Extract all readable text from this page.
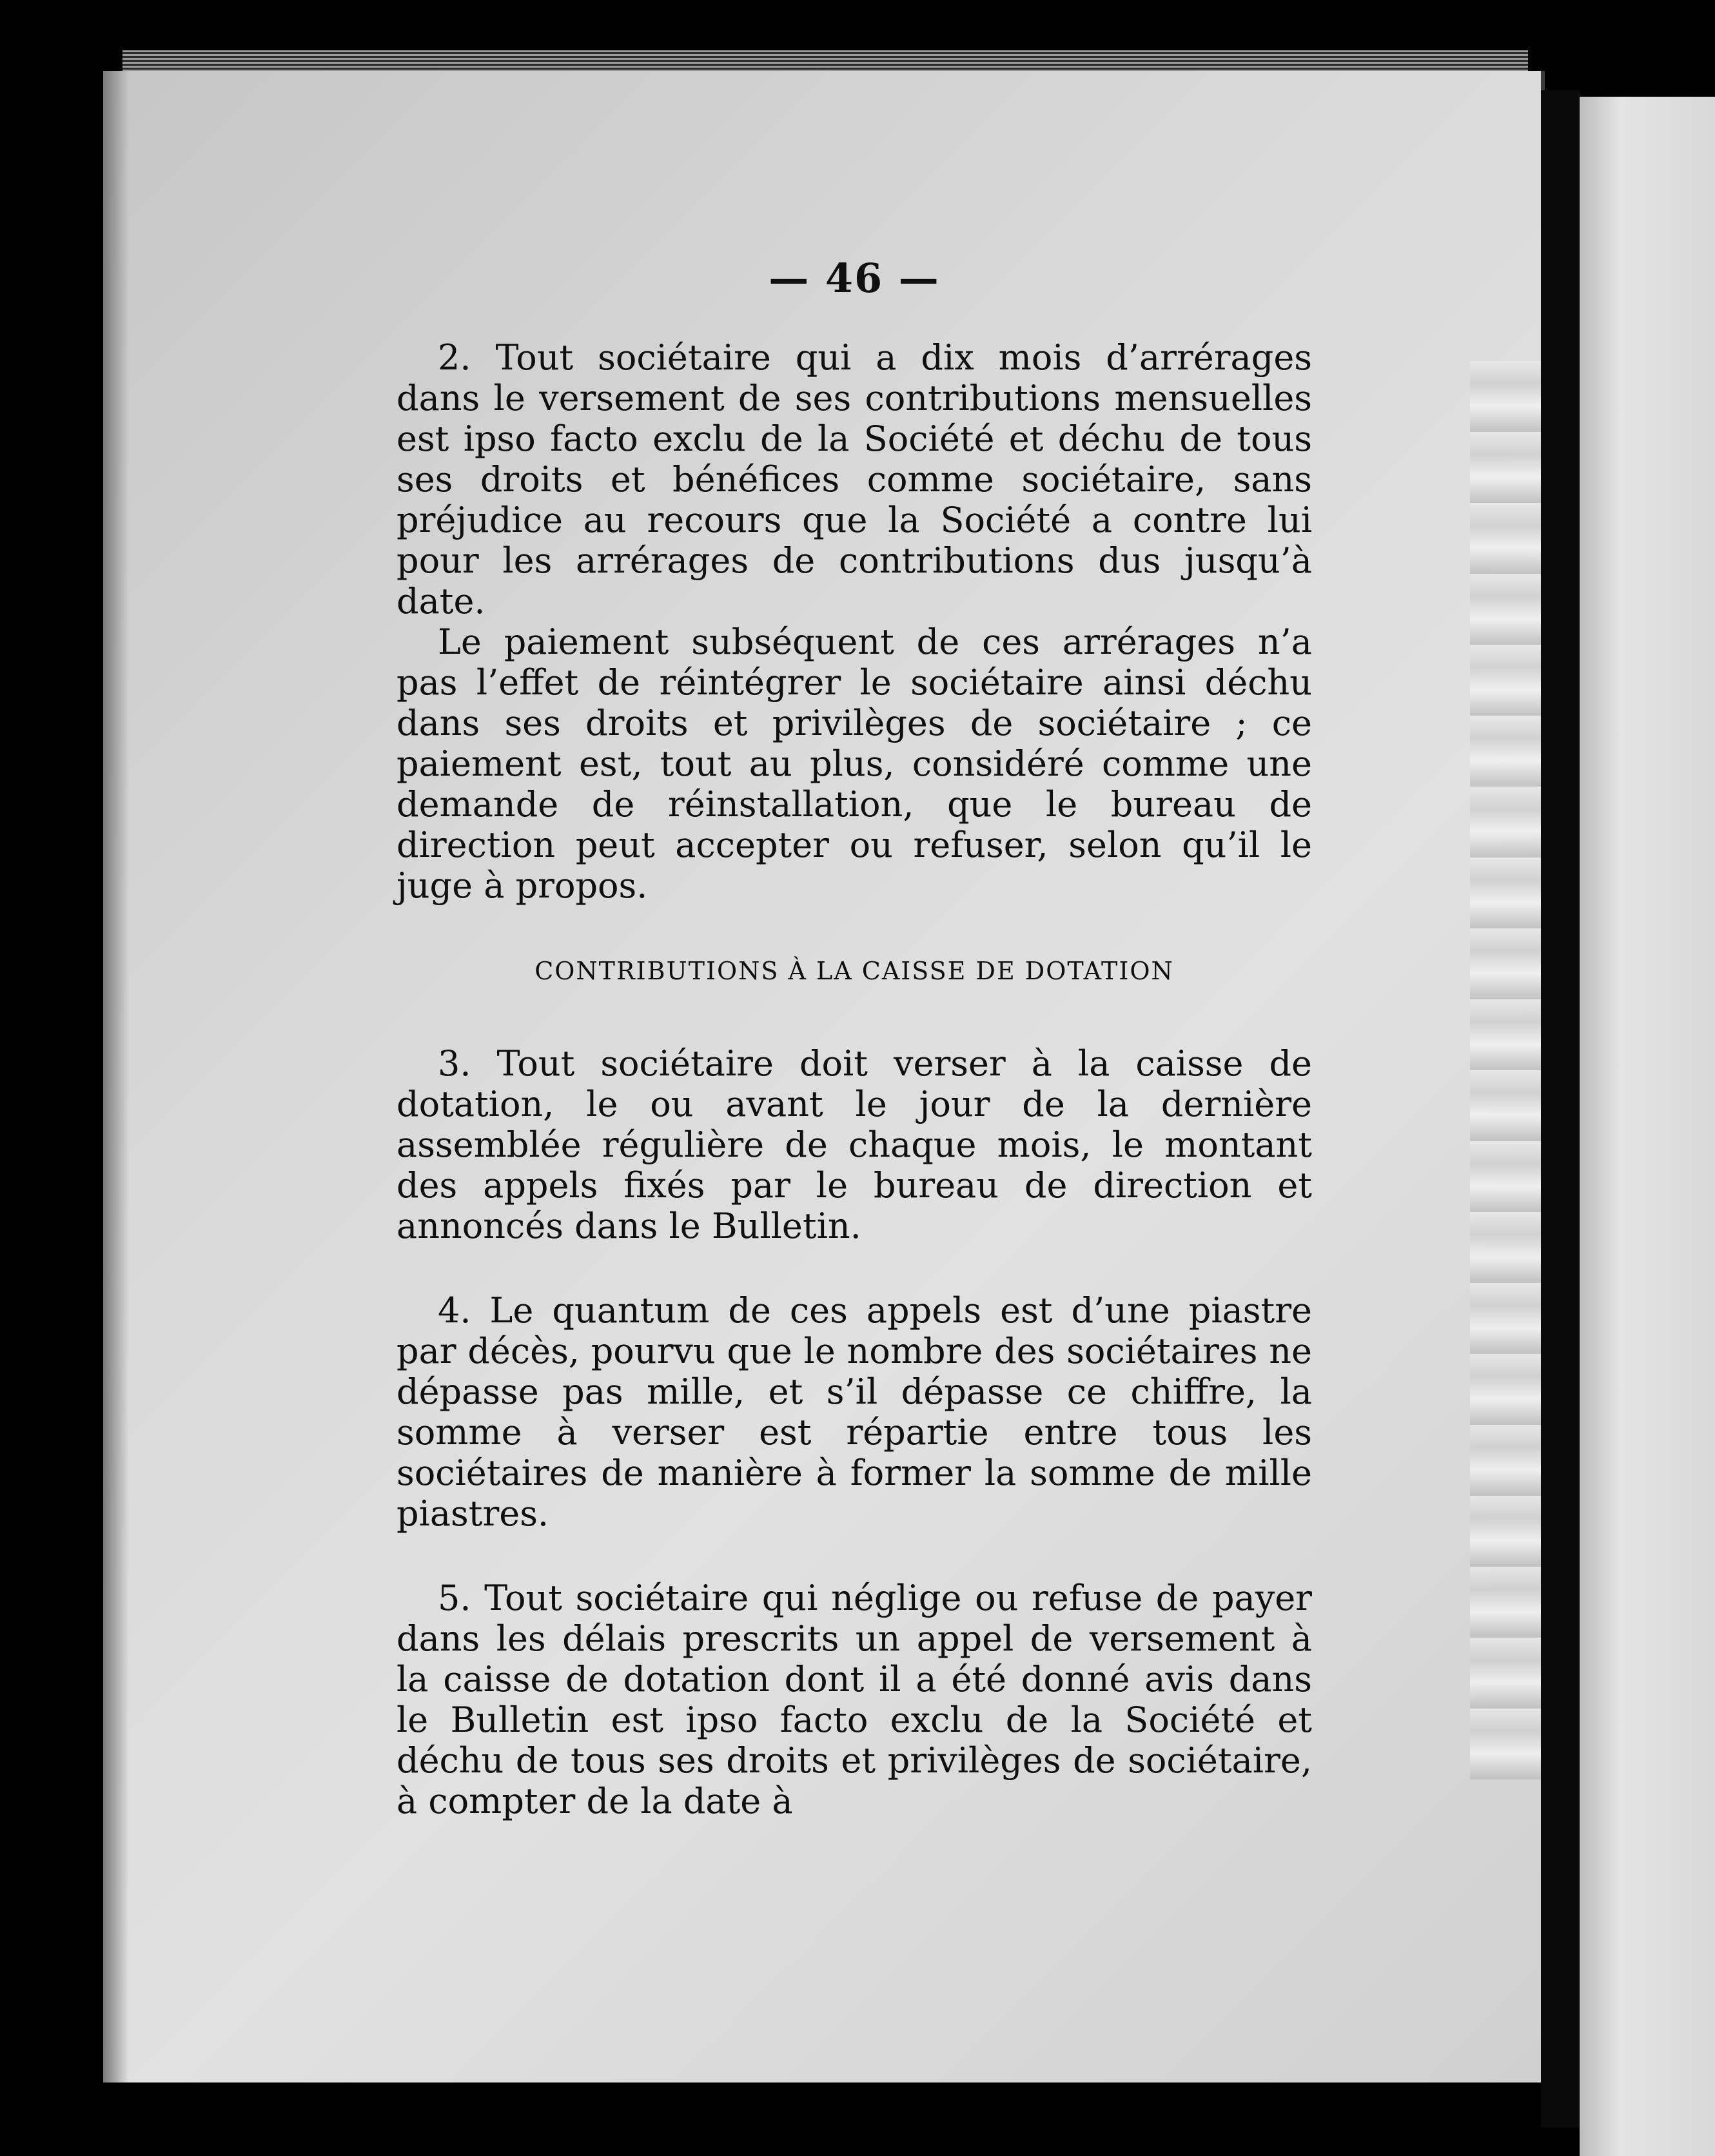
— 46 —

2. Tout sociétaire qui a dix mois d’arrérages dans le versement de ses contributions mensuelles est ipso facto exclu de la Société et déchu de tous ses droits et bénéfices comme sociétaire, sans préjudice au recours que la Société a contre lui pour les arrérages de contributions dus jusqu’à date.

Le paiement subséquent de ces arrérages n’a pas l’effet de réintégrer le sociétaire ainsi déchu dans ses droits et privilèges de sociétaire ; ce paiement est, tout au plus, considéré comme une demande de réinstallation, que le bureau de direction peut accepter ou refuser, selon qu’il le juge à propos.

CONTRIBUTIONS À LA CAISSE DE DOTATION

3. Tout sociétaire doit verser à la caisse de dotation, le ou avant le jour de la dernière assemblée régulière de chaque mois, le montant des appels fixés par le bureau de direction et annoncés dans le Bulletin.

4. Le quantum de ces appels est d’une piastre par décès, pourvu que le nombre des sociétaires ne dépasse pas mille, et s’il dépasse ce chiffre, la somme à verser est répartie entre tous les sociétaires de manière à former la somme de mille piastres.

5. Tout sociétaire qui néglige ou refuse de payer dans les délais prescrits un appel de versement à la caisse de dotation dont il a été donné avis dans le Bulletin est ipso facto exclu de la Société et déchu de tous ses droits et privilèges de sociétaire, à compter de la date à
